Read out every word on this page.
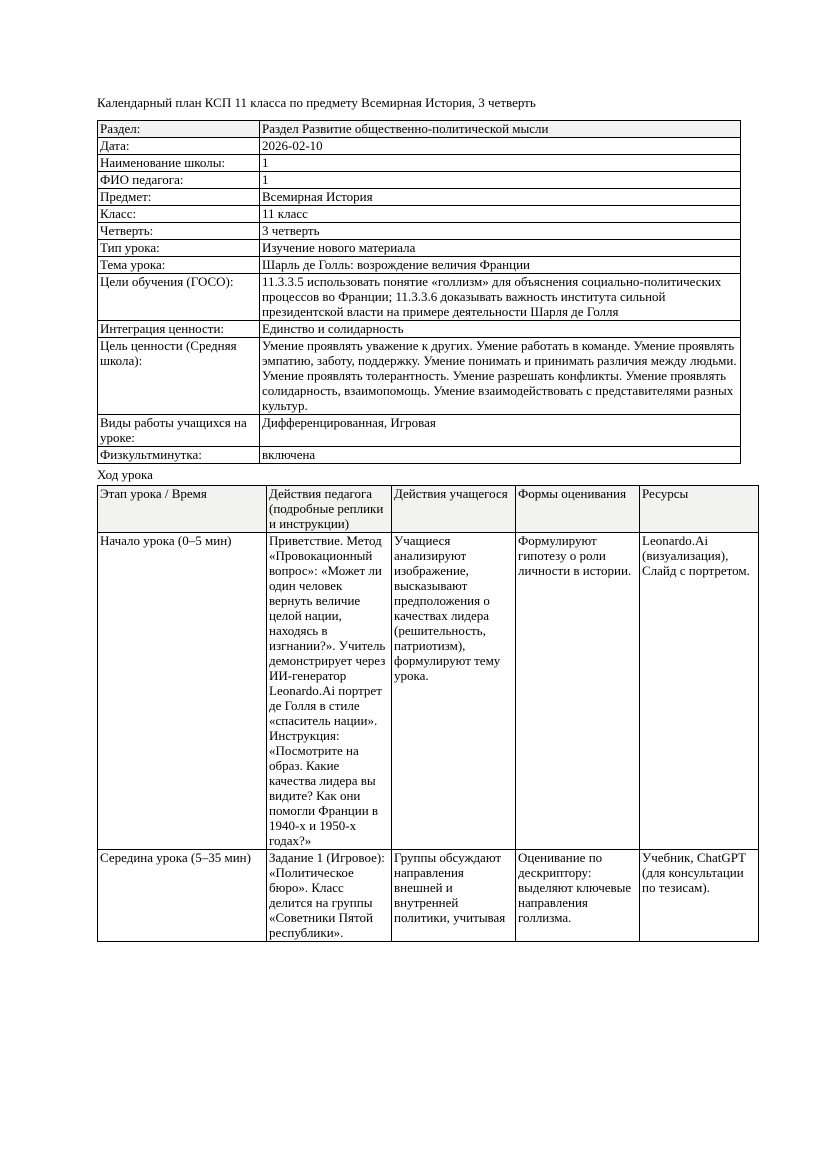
Календарный план КСП 11 класса по предмету Всемирная История, 3 четверть

Раздел:	Раздел Развитие общественно-политической мысли
Дата:	2026-02-10
Наименование школы:	1
ФИО педагога:	1
Предмет:	Всемирная История
Класс:	11 класс
Четверть:	3 четверть
Тип урока:	Изучение нового материала
Тема урока:	Шарль де Голль: возрождение величия Франции
Цели обучения (ГОСО):	11.3.3.5 использовать понятие «голлизм» для объяснения социально-политических процессов во Франции; 11.3.3.6 доказывать важность института сильной президентской власти на примере деятельности Шарля де Голля
Интеграция ценности:	Единство и солидарность
Цель ценности (Средняя школа):	Умение проявлять уважение к других. Умение работать в команде. Умение проявлять эмпатию, заботу, поддержку. Умение понимать и принимать различия между людьми. Умение проявлять толерантность. Умение разрешать конфликты. Умение проявлять солидарность, взаимопомощь. Умение взаимодействовать с представителями разных культур.
Виды работы учащихся на уроке:	Дифференцированная, Игровая
Физкультминутка:	включена

Ход урока

Этап урока / Время	Действия педагога (подробные реплики и инструкции)	Действия учащегося	Формы оценивания	Ресурсы
Начало урока (0–5 мин)	Приветствие. Метод «Провокационный вопрос»: «Может ли один человек вернуть величие целой нации, находясь в изгнании?». Учитель демонстрирует через ИИ-генератор Leonardo.Ai портрет де Голля в стиле «спаситель нации». Инструкция: «Посмотрите на образ. Какие качества лидера вы видите? Как они помогли Франции в 1940-х и 1950-х годах?»	Учащиеся анализируют изображение, высказывают предположения о качествах лидера (решительность, патриотизм), формулируют тему урока.	Формулируют гипотезу о роли личности в истории.	Leonardo.Ai (визуализация), Слайд с портретом.
Середина урока (5–35 мин)	Задание 1 (Игровое): «Политическое бюро». Класс делится на группы «Советники Пятой республики».	Группы обсуждают направления внешней и внутренней политики, учитывая	Оценивание по дескриптору: выделяют ключевые направления голлизма.	Учебник, ChatGPT (для консультации по тезисам).
